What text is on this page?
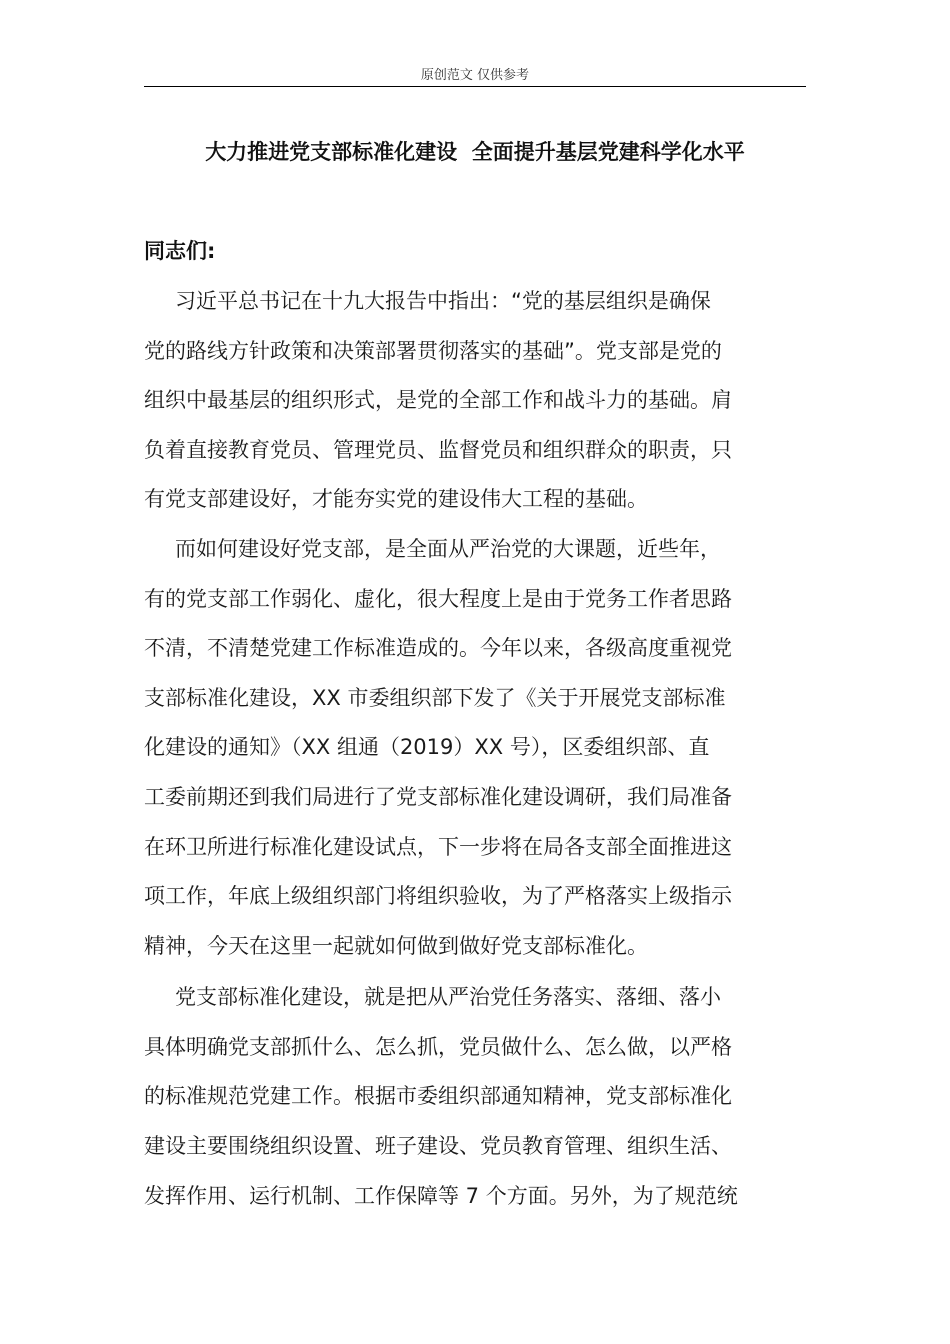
原创范文 仅供参考
大力推进党支部标准化建设  全面提升基层党建科学化水平
同志们:
习近平总书记在十九大报告中指出：“党的基层组织是确保
党的路线方针政策和决策部署贯彻落实的基础”。党支部是党的
组织中最基层的组织形式，是党的全部工作和战斗力的基础。肩
负着直接教育党员、管理党员、监督党员和组织群众的职责，只
有党支部建设好，才能夯实党的建设伟大工程的基础。
而如何建设好党支部，是全面从严治党的大课题，近些年，
有的党支部工作弱化、虚化，很大程度上是由于党务工作者思路
不清，不清楚党建工作标准造成的。今年以来，各级高度重视党
支部标准化建设，XX 市委组织部下发了《关于开展党支部标准
化建设的通知》（XX 组通（2019）XX 号），区委组织部、直
工委前期还到我们局进行了党支部标准化建设调研，我们局准备
在环卫所进行标准化建设试点，下一步将在局各支部全面推进这
项工作，年底上级组织部门将组织验收，为了严格落实上级指示
精神，今天在这里一起就如何做到做好党支部标准化。
党支部标准化建设，就是把从严治党任务落实、落细、落小
具体明确党支部抓什么、怎么抓，党员做什么、怎么做，以严格
的标准规范党建工作。根据市委组织部通知精神，党支部标准化
建设主要围绕组织设置、班子建设、党员教育管理、组织生活、
发挥作用、运行机制、工作保障等 7 个方面。另外，为了规范统
